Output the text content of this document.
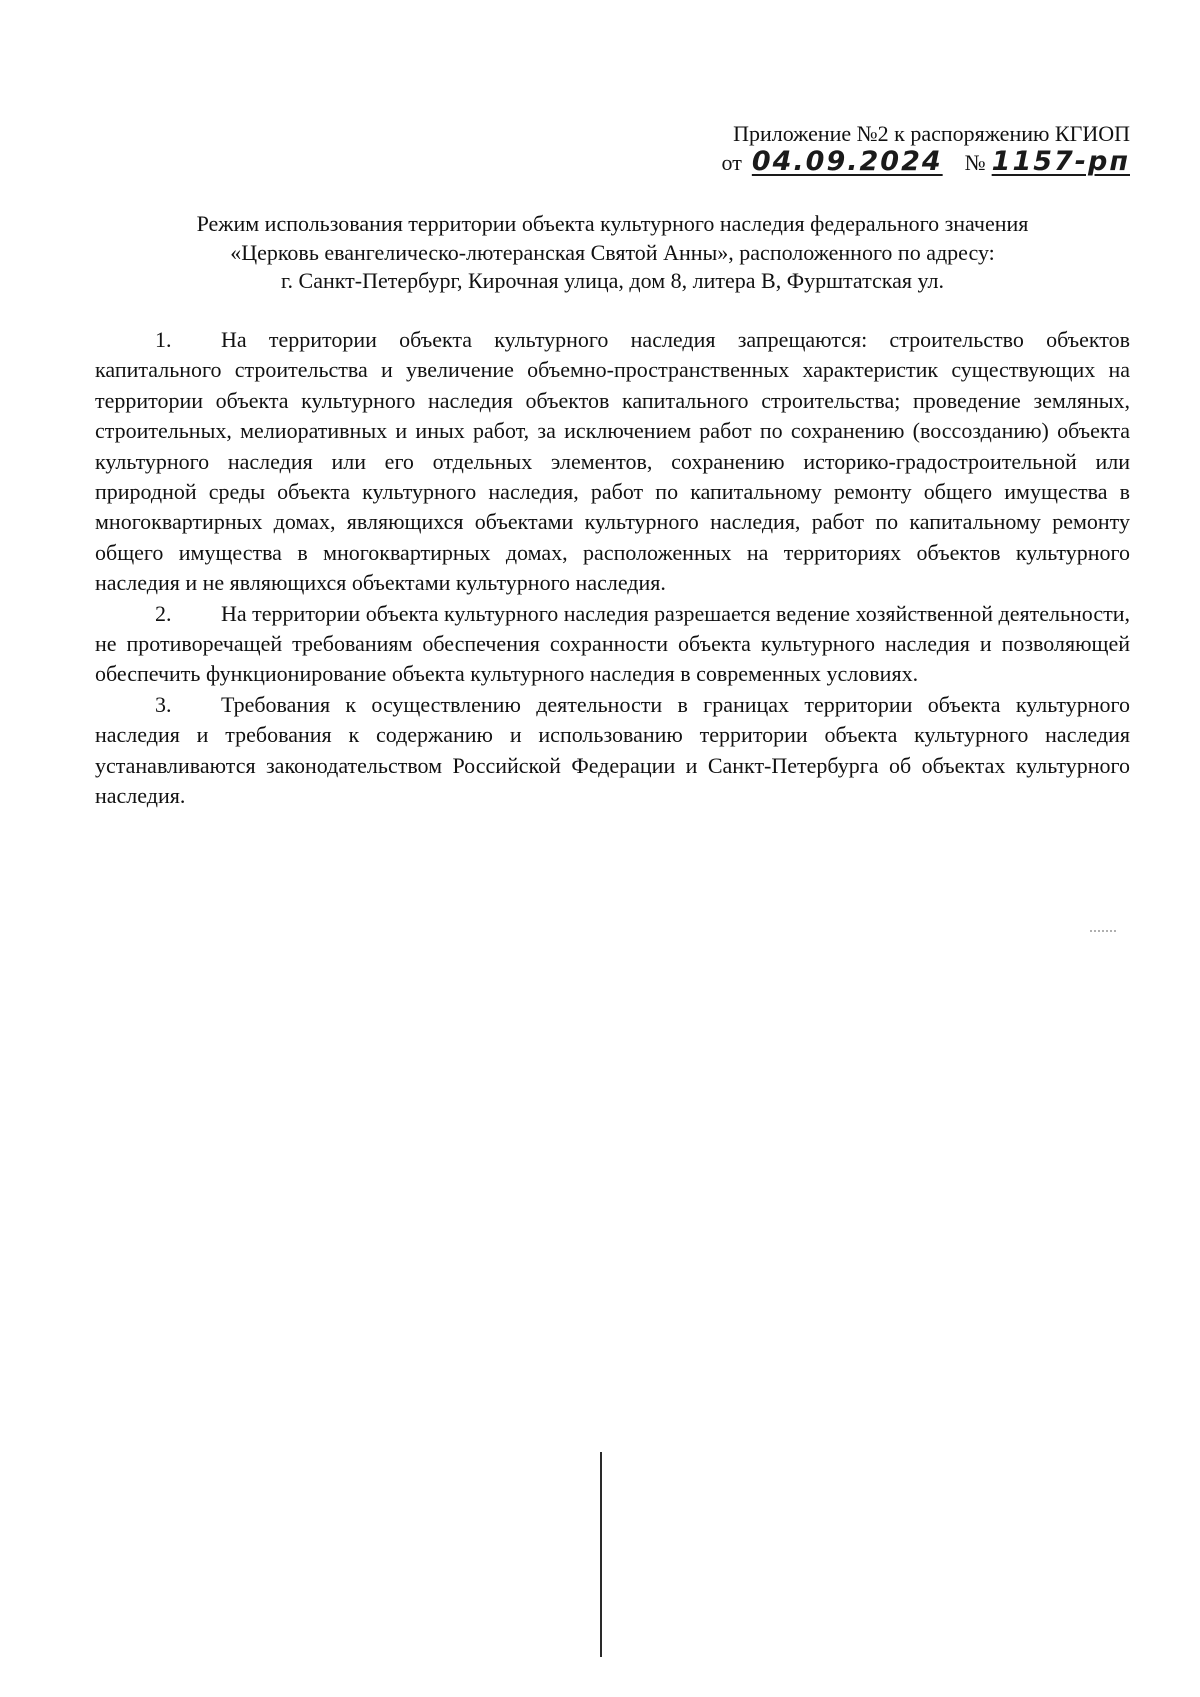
Приложение №2 к распоряжению КГИОП
от 04.09.2024 № 1157-рп
Режим использования территории объекта культурного наследия федерального значения
«Церковь евангелическо-лютеранская Святой Анны», расположенного по адресу:
г. Санкт-Петербург, Кирочная улица, дом 8, литера В, Фурштатская ул.

1. На территории объекта культурного наследия запрещаются: строительство объектов капитального строительства и увеличение объемно-пространственных характеристик существующих на территории объекта культурного наследия объектов капитального строительства; проведение земляных, строительных, мелиоративных и иных работ, за исключением работ по сохранению (воссозданию) объекта культурного наследия или его отдельных элементов, сохранению историко-градостроительной или природной среды объекта культурного наследия, работ по капитальному ремонту общего имущества в многоквартирных домах, являющихся объектами культурного наследия, работ по капитальному ремонту общего имущества в многоквартирных домах, расположенных на территориях объектов культурного наследия и не являющихся объектами культурного наследия.

2. На территории объекта культурного наследия разрешается ведение хозяйственной деятельности, не противоречащей требованиям обеспечения сохранности объекта культурного наследия и позволяющей обеспечить функционирование объекта культурного наследия в современных условиях.

3. Требования к осуществлению деятельности в границах территории объекта культурного наследия и требования к содержанию и использованию территории объекта культурного наследия устанавливаются законодательством Российской Федерации и Санкт-Петербурга об объектах культурного наследия.
